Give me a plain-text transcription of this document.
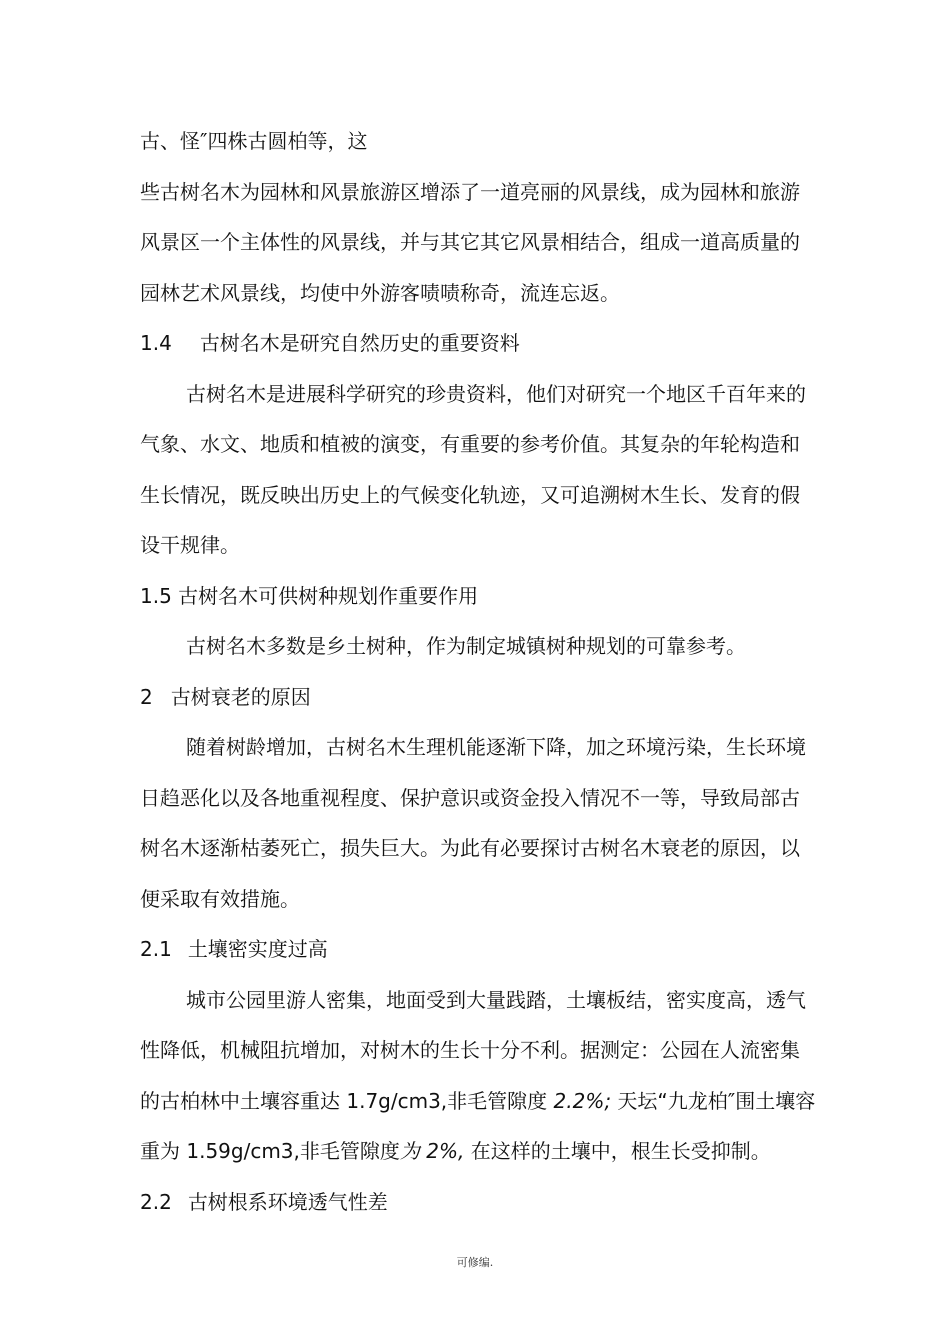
古、怪″四株古圆柏等，这
些古树名木为园林和风景旅游区增添了一道亮丽的风景线，成为园林和旅游
风景区一个主体性的风景线，并与其它其它风景相结合，组成一道高质量的
园林艺术风景线，均使中外游客啧啧称奇，流连忘返。
1.4 古树名木是研究自然历史的重要资料
古树名木是进展科学研究的珍贵资料，他们对研究一个地区千百年来的
气象、水文、地质和植被的演变，有重要的参考价值。其复杂的年轮构造和
生长情况，既反映出历史上的气候变化轨迹，又可追溯树木生长、发育的假
设干规律。
1.5 古树名木可供树种规划作重要作用
古树名木多数是乡土树种，作为制定城镇树种规划的可靠参考。
2 古树衰老的原因
随着树龄增加，古树名木生理机能逐渐下降，加之环境污染，生长环境
日趋恶化以及各地重视程度、保护意识或资金投入情况不一等，导致局部古
树名木逐渐枯萎死亡，损失巨大。为此有必要探讨古树名木衰老的原因，以
便采取有效措施。
2.1 土壤密实度过高
城市公园里游人密集，地面受到大量践踏，土壤板结，密实度高，透气
性降低，机械阻抗增加，对树木的生长十分不利。据测定：公园在人流密集
的古柏林中土壤容重达 1.7g/cm3,非毛管隙度 2.2%; 天坛“九龙柏″围土壤容
重为 1.59g/cm3,非毛管隙度为 2%, 在这样的土壤中，根生长受抑制。
2.2 古树根系环境透气性差
可修编.
